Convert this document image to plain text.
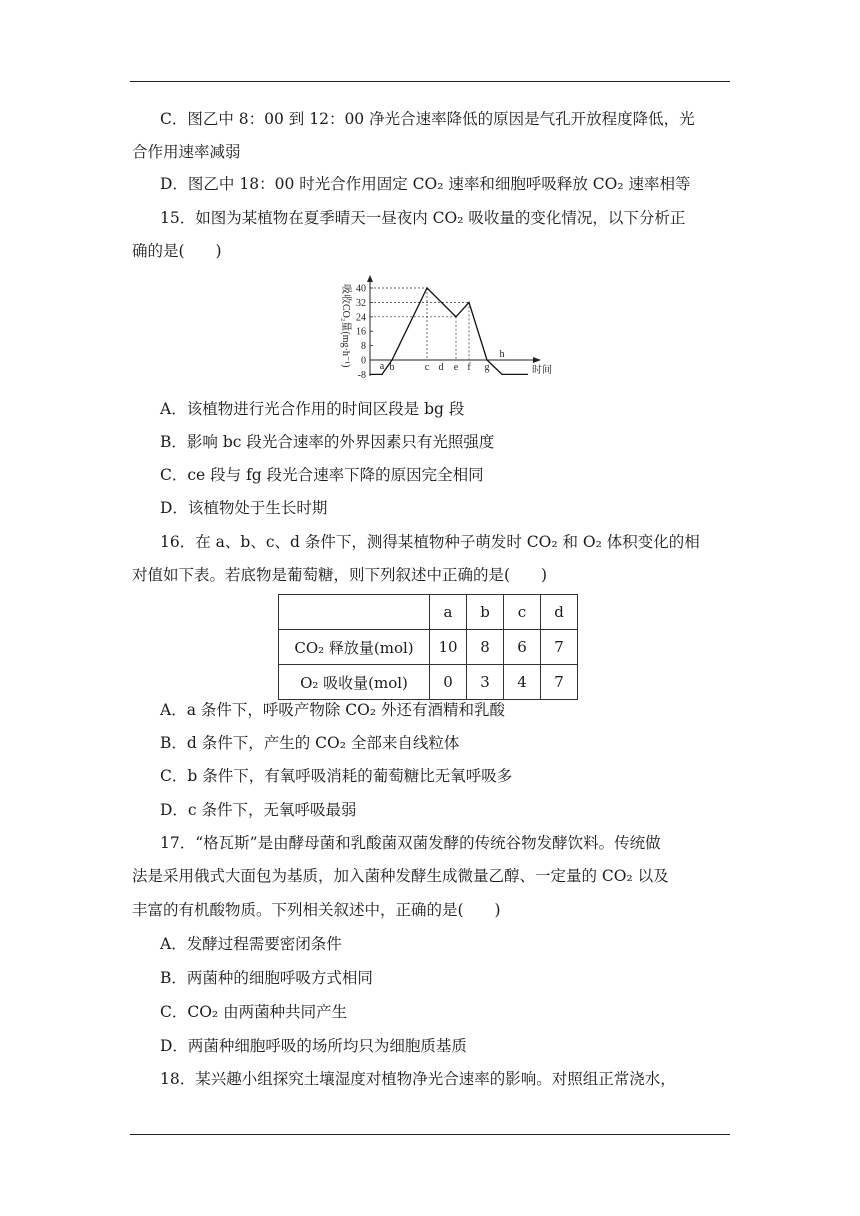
C．图乙中 8：00 到 12：00 净光合速率降低的原因是气孔开放程度降低，光
合作用速率减弱
D．图乙中 18：00 时光合作用固定 CO₂ 速率和细胞呼吸释放 CO₂ 速率相等
15．如图为某植物在夏季晴天一昼夜内 CO₂ 吸收量的变化情况，以下分析正
确的是(　　)
40
32
24
16
8
0
-8
吸收CO₂量(mg·h⁻¹)	a b	c d e f g
h
时间
A．该植物进行光合作用的时间区段是 bg 段
B．影响 bc 段光合速率的外界因素只有光照强度
C．ce 段与 fg 段光合速率下降的原因完全相同
D．该植物处于生长时期
16．在 a、b、c、d 条件下，测得某植物种子萌发时 CO₂ 和 O₂ 体积变化的相
对值如下表。若底物是葡萄糖，则下列叙述中正确的是(　　)
	a	b	c	d
CO₂ 释放量(mol)	10	8	6	7
O₂ 吸收量(mol)	0	3	4	7
A．a 条件下，呼吸产物除 CO₂ 外还有酒精和乳酸
B．d 条件下，产生的 CO₂ 全部来自线粒体
C．b 条件下，有氧呼吸消耗的葡萄糖比无氧呼吸多
D．c 条件下，无氧呼吸最弱
17．“格瓦斯”是由酵母菌和乳酸菌双菌发酵的传统谷物发酵饮料。传统做
法是采用俄式大面包为基质，加入菌种发酵生成微量乙醇、一定量的 CO₂ 以及
丰富的有机酸物质。下列相关叙述中，正确的是(　　)
A．发酵过程需要密闭条件
B．两菌种的细胞呼吸方式相同
C．CO₂ 由两菌种共同产生
D．两菌种细胞呼吸的场所均只为细胞质基质
18．某兴趣小组探究土壤湿度对植物净光合速率的影响。对照组正常浇水，
